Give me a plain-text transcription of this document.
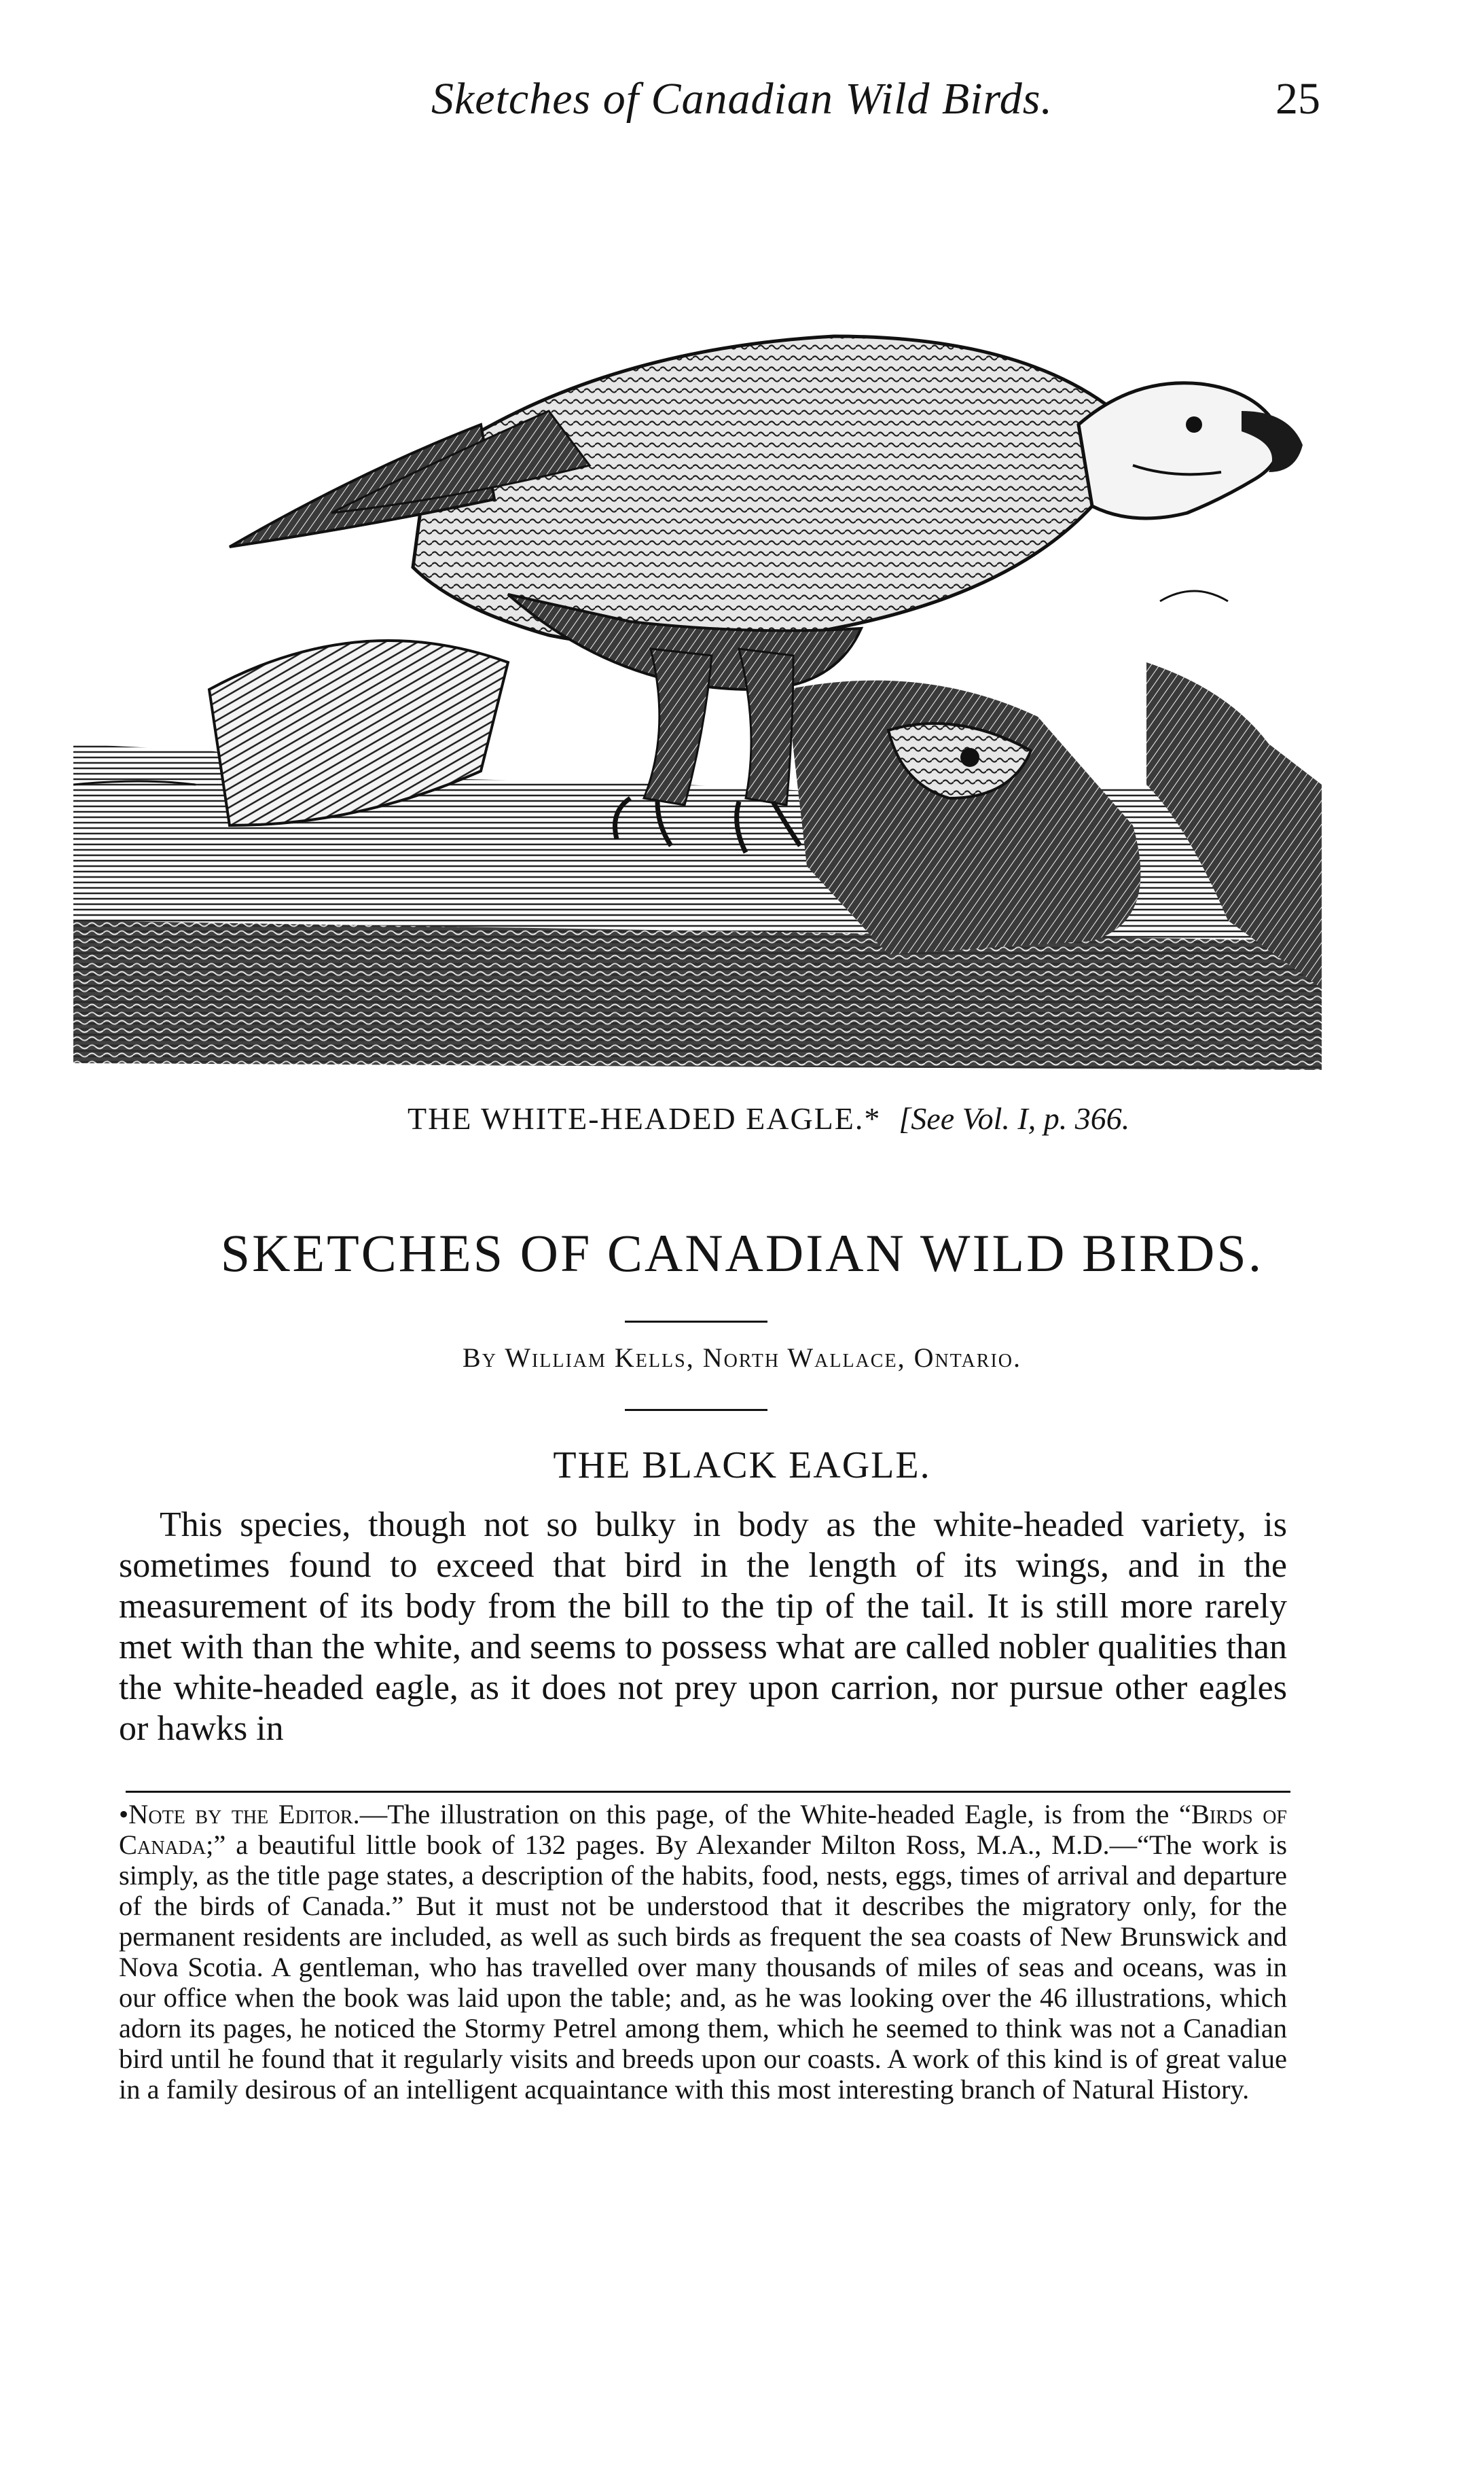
Sketches of Canadian Wild Birds.	25
THE WHITE-HEADED EAGLE.* [See Vol. I, p. 366.
SKETCHES OF CANADIAN WILD BIRDS.
By William Kells, North Wallace, Ontario.
THE BLACK EAGLE.

This species, though not so bulky in body as the white-headed variety, is sometimes found to exceed that bird in the length of its wings, and in the measurement of its body from the bill to the tip of the tail. It is still more rarely met with than the white, and seems to possess what are called nobler qualities than the white-headed eagle, as it does not prey upon carrion, nor pursue other eagles or hawks in

•Note by the Editor.—The illustration on this page, of the White-headed Eagle, is from the “Birds of Canada;” a beautiful little book of 132 pages. By Alexander Milton Ross, M.A., M.D.—“The work is simply, as the title page states, a description of the habits, food, nests, eggs, times of arrival and departure of the birds of Canada.” But it must not be understood that it describes the migratory only, for the permanent residents are included, as well as such birds as frequent the sea coasts of New Brunswick and Nova Scotia. A gentleman, who has travelled over many thousands of miles of seas and oceans, was in our office when the book was laid upon the table; and, as he was looking over the 46 illustrations, which adorn its pages, he noticed the Stormy Petrel among them, which he seemed to think was not a Canadian bird until he found that it regularly visits and breeds upon our coasts. A work of this kind is of great value in a family desirous of an intelligent acquaintance with this most interesting branch of Natural History.
